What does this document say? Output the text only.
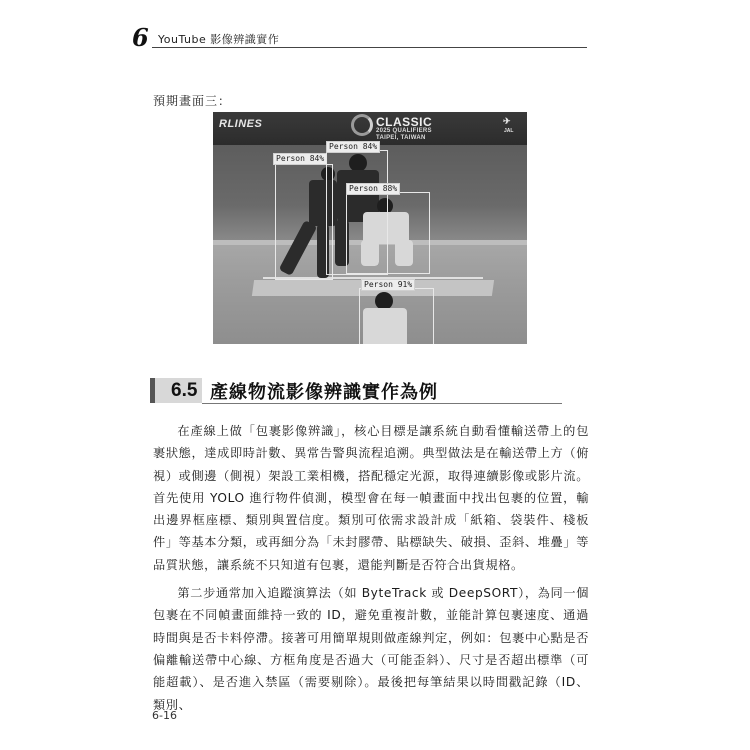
6 YouTube 影像辨識實作
預期畫面三：
RLINES	CLASSIC
2025 QUALIFIERS
TAIPEI, TAIWAN
✈
JAL
Person 84%
Person 84%
Person 88%
Person 91%
6.5 產線物流影像辨識實作為例

在產線上做「包裹影像辨識」，核心目標是讓系統自動看懂輸送帶上的包裹狀態，達成即時計數、異常告警與流程追溯。典型做法是在輸送帶上方（俯視）或側邊（側視）架設工業相機，搭配穩定光源，取得連續影像或影片流。首先使用 YOLO 進行物件偵測，模型會在每一幀畫面中找出包裹的位置，輸出邊界框座標、類別與置信度。類別可依需求設計成「紙箱、袋裝件、棧板件」等基本分類，或再細分為「未封膠帶、貼標缺失、破損、歪斜、堆疊」等品質狀態，讓系統不只知道有包裹，還能判斷是否符合出貨規格。

第二步通常加入追蹤演算法（如 ByteTrack 或 DeepSORT），為同一個包裹在不同幀畫面維持一致的 ID，避免重複計數，並能計算包裹速度、通過時間與是否卡料停滯。接著可用簡單規則做產線判定，例如：包裹中心點是否偏離輸送帶中心線、方框角度是否過大（可能歪斜）、尺寸是否超出標準（可能超載）、是否進入禁區（需要剔除）。最後把每筆結果以時間戳記錄（ID、類別、

6-16
